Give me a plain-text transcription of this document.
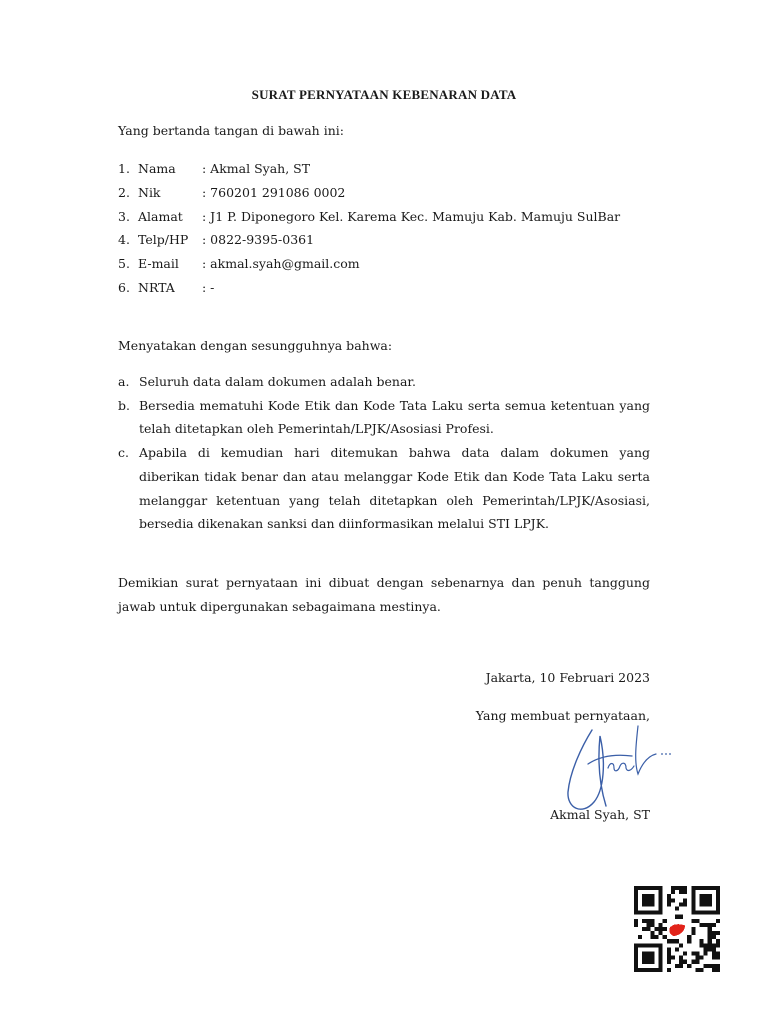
SURAT PERNYATAAN KEBENARAN DATA
Yang bertanda tangan di bawah ini:
1. Nama	: Akmal Syah, ST
2. Nik	: 760201 291086 0002
3. Alamat	: J1 P. Diponegoro Kel. Karema Kec. Mamuju Kab. Mamuju SulBar
4. Telp/HP	: 0822-9395-0361
5. E-mail	: akmal.syah@gmail.com
6. NRTA	: -
Menyatakan dengan sesungguhnya bahwa:
a. Seluruh data dalam dokumen adalah benar.
b. Bersedia mematuhi Kode Etik dan Kode Tata Laku serta semua ketentuan yang telah ditetapkan oleh Pemerintah/LPJK/Asosiasi Profesi.
c. Apabila di kemudian hari ditemukan bahwa data dalam dokumen yang diberikan tidak benar dan atau melanggar Kode Etik dan Kode Tata Laku serta melanggar ketentuan yang telah ditetapkan oleh Pemerintah/LPJK/Asosiasi, bersedia dikenakan sanksi dan diinformasikan melalui STI LPJK.

Demikian surat pernyataan ini dibuat dengan sebenarnya dan penuh tanggung jawab untuk dipergunakan sebagaimana mestinya.

Jakarta, 10 Februari 2023
Yang membuat pernyataan,
Akmal Syah, ST
